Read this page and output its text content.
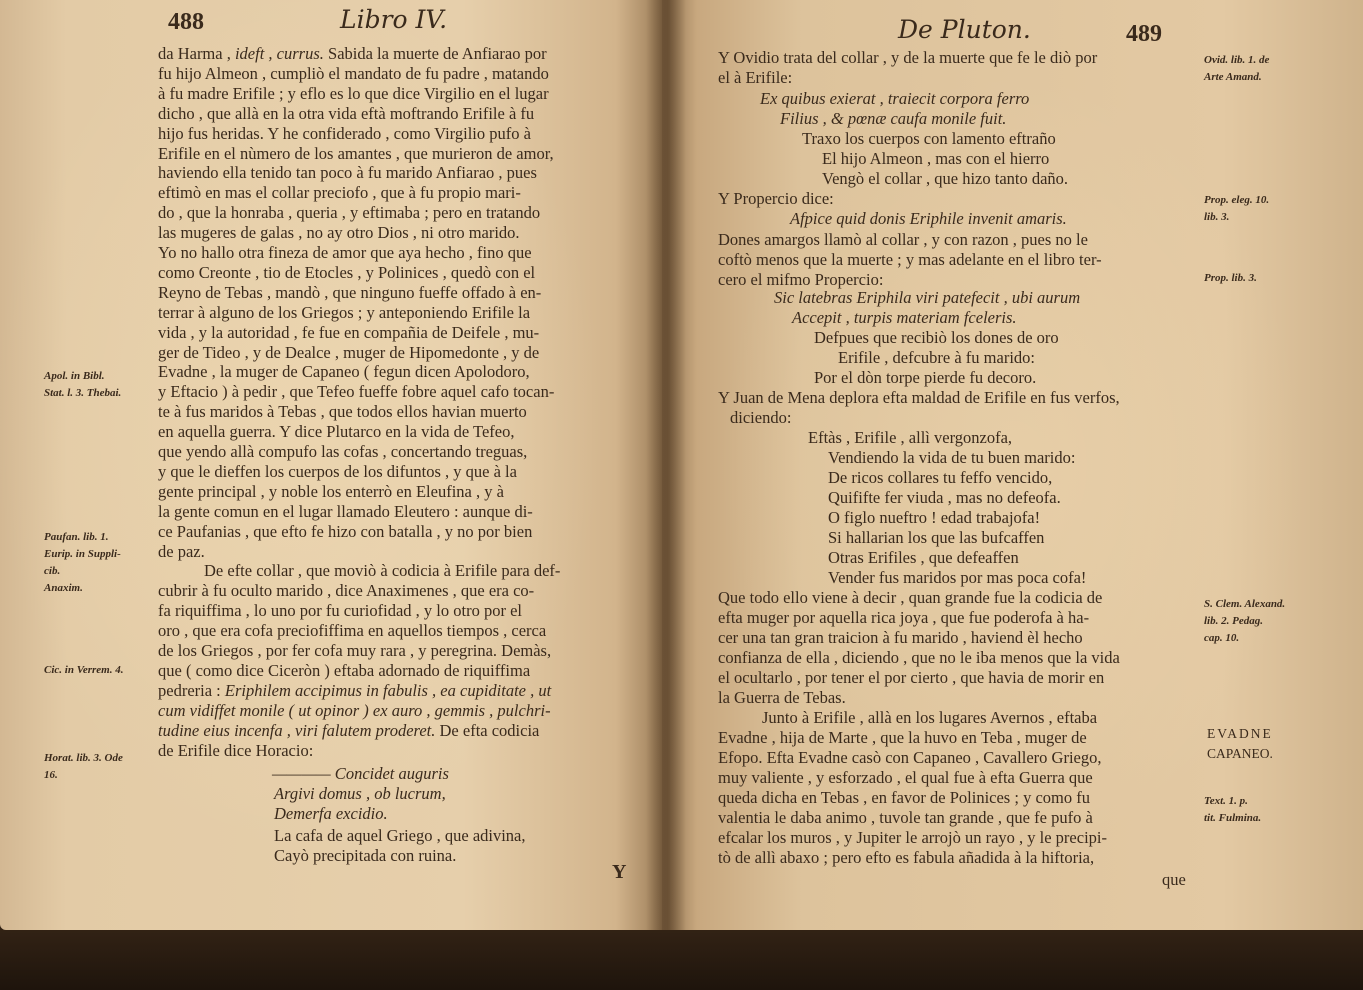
488	Libro IV.
da Harma , ideft , currus. Sabida la muerte de Anfiarao por
fu hijo Almeon , cumpliò el mandato de fu padre , matando
à fu madre Erifile ; y eflo es lo que dice Virgilio en el lugar
dicho , que allà en la otra vida eftà moftrando Erifile à fu
hijo fus heridas. Y he confiderado , como Virgilio pufo à
Erifile en el nùmero de los amantes , que murieron de amor,
haviendo ella tenido tan poco à fu marido Anfiarao , pues
eftimò en mas el collar preciofo , que à fu propio mari-
do , que la honraba , queria , y eftimaba ; pero en tratando
las mugeres de galas , no ay otro Dios , ni otro marido.
Yo no hallo otra fineza de amor que aya hecho , fino que
como Creonte , tio de Etocles , y Polinices , quedò con el
Reyno de Tebas , mandò , que ninguno fueffe offado à en-
terrar à alguno de los Griegos ; y anteponiendo Erifile la
vida , y la autoridad , fe fue en compañia de Deifele , mu-
ger de Tideo , y de Dealce , muger de Hipomedonte , y de
Evadne , la muger de Capaneo ( fegun dicen Apolodoro,
y Eftacio ) à pedir , que Tefeo fueffe fobre aquel cafo tocan-
te à fus maridos à Tebas , que todos ellos havian muerto
en aquella guerra. Y dice Plutarco en la vida de Tefeo,
que yendo allà compufo las cofas , concertando treguas,
y que le dieffen los cuerpos de los difuntos , y que à la
gente principal , y noble los enterrò en Eleufina , y à
la gente comun en el lugar llamado Eleutero : aunque di-
ce Paufanias , que efto fe hizo con batalla , y no por bien
de paz.
De efte collar , que moviò à codicia à Erifile para def-
cubrir à fu oculto marido , dice Anaximenes , que era co-
fa riquiffima , lo uno por fu curiofidad , y lo otro por el
oro , que era cofa preciofiffima en aquellos tiempos , cerca
de los Griegos , por fer cofa muy rara , y peregrina. Demàs,
que ( como dice Ciceròn ) eftaba adornado de riquiffima
pedreria : Eriphilem accipimus in fabulis , ea cupiditate , ut
cum vidiffet monile ( ut opinor ) ex auro , gemmis , pulchri-
tudine eius incenfa , viri falutem proderet. De efta codicia
de Erifile dice Horacio:
———— Concidet auguris
Argivi domus , ob lucrum,
Demerfa excidio.
La cafa de aquel Griego , que adivina,
Cayò precipitada con ruina.
Apol. in Bibl.
Stat. l. 3. Thebai.
Paufan. lib. 1.
Eurip. in Suppli-
cib.
Anaxim.
Cic. in Verrem. 4.
Horat. lib. 3. Ode
16.
Y
De Pluton.	489
Y Ovidio trata del collar , y de la muerte que fe le diò por
el à Erifile:
Ex quibus exierat , traiecit corpora ferro
Filius , & pœnæ caufa monile fuit.
Traxo los cuerpos con lamento eftraño
El hijo Almeon , mas con el hierro
Vengò el collar , que hizo tanto daño.
Y Propercio dice:
Afpice quid donis Eriphile invenit amaris.
Dones amargos llamò al collar , y con razon , pues no le
coftò menos que la muerte ; y mas adelante en el libro ter-
cero el mifmo Propercio:
Sic latebras Eriphila viri patefecit , ubi aurum
Accepit , turpis materiam fceleris.
Defpues que recibiò los dones de oro
Erifile , defcubre à fu marido:
Por el dòn torpe pierde fu decoro.
Y Juan de Mena deplora efta maldad de Erifile en fus verfos,
diciendo:
Eftàs , Erifile , allì vergonzofa,
Vendiendo la vida de tu buen marido:
De ricos collares tu feffo vencido,
Quififte fer viuda , mas no defeofa.
O figlo nueftro ! edad trabajofa!
Si hallarian los que las bufcaffen
Otras Erifiles , que defeaffen
Vender fus maridos por mas poca cofa!
Que todo ello viene à decir , quan grande fue la codicia de
efta muger por aquella rica joya , que fue poderofa à ha-
cer una tan gran traicion à fu marido , haviend èl hecho
confianza de ella , diciendo , que no le iba menos que la vida
el ocultarlo , por tener el por cierto , que havia de morir en
la Guerra de Tebas.
Junto à Erifile , allà en los lugares Avernos , eftaba
Evadne , hija de Marte , que la huvo en Teba , muger de
Efopo. Efta Evadne casò con Capaneo , Cavallero Griego,
muy valiente , y esforzado , el qual fue à efta Guerra que
queda dicha en Tebas , en favor de Polinices ; y como fu
valentia le daba animo , tuvole tan grande , que fe pufo à
efcalar los muros , y Jupiter le arrojò un rayo , y le precipi-
tò de allì abaxo ; pero efto es fabula añadida à la hiftoria,
Ovid. lib. 1. de
Arte Amand.
Prop. eleg. 10.
lib. 3.
Prop. lib. 3.
S. Clem. Alexand.
lib. 2. Pedag.
cap. 10.
Text. 1. p.
tit. Fulmina.
que
EVADNE
CAPANEO.
